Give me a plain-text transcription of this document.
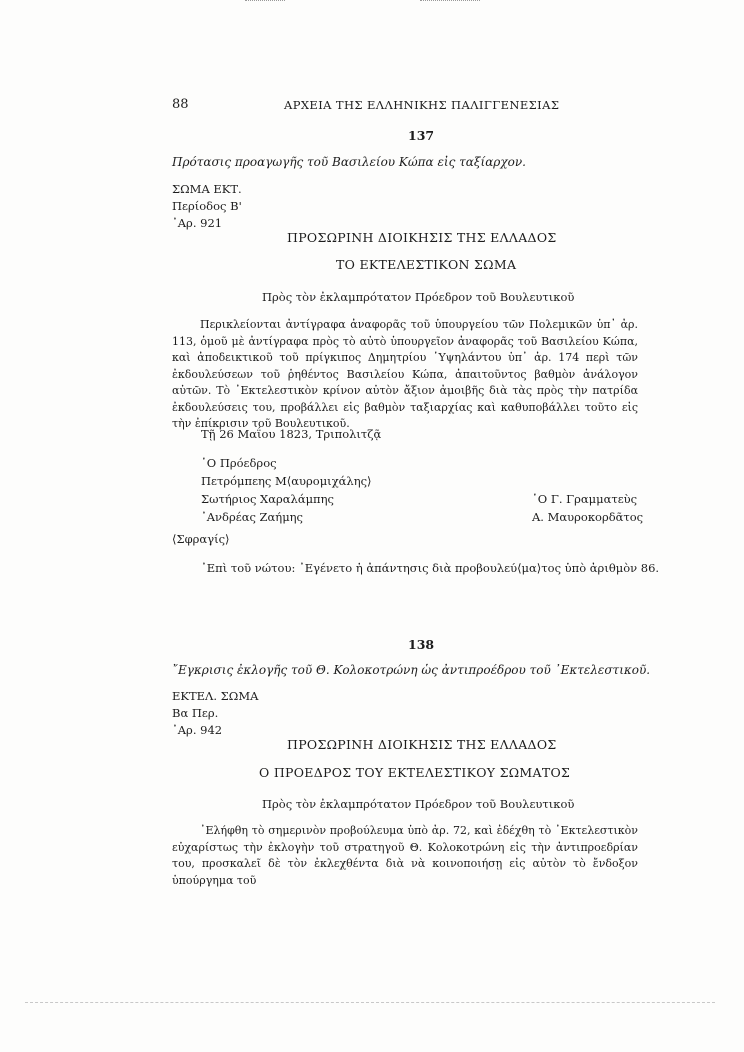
88	ΑΡΧΕΙΑ ΤΗΣ ΕΛΛΗΝΙΚΗΣ ΠΑΛΙΓΓΕΝΕΣΙΑΣ
137
Πρότασις προαγωγῆς τοῦ Βασιλείου Κώπα εἰς ταξίαρχον.
ΣΩΜΑ ΕΚΤ.
Περίοδος Β'
᾽Αρ. 921
ΠΡΟΣΩΡΙΝΗ ΔΙΟΙΚΗΣΙΣ ΤΗΣ ΕΛΛΑΔΟΣ
ΤΟ ΕΚΤΕΛΕΣΤΙΚΟΝ ΣΩΜΑ
Πρὸς τὸν ἐκλαμπρότατον Πρόεδρον τοῦ Βουλευτικοῦ

Περικλείονται ἀντίγραφα ἀναφορᾶς τοῦ ὑπουργείου τῶν Πολεμικῶν ὑπ᾽ ἀρ. 113, ὁμοῦ μὲ ἀντίγραφα πρὸς τὸ αὐτὸ ὑπουργεῖον ἀναφορᾶς τοῦ Βασιλείου Κώπα, καὶ ἀποδεικτικοῦ τοῦ πρίγκιπος Δημητρίου ῾Υψηλάντου ὑπ᾽ ἀρ. 174 περὶ τῶν ἐκδουλεύσεων τοῦ ῥηθέντος Βασιλείου Κώπα, ἀπαιτοῦντος βαθμὸν ἀνάλογον αὐτῶν. Τὸ ᾽Εκτελεστικὸν κρίνον αὐτὸν ἄξιον ἀμοιβῆς διὰ τὰς πρὸς τὴν πατρίδα ἐκδουλεύσεις του, προβάλλει εἰς βαθμὸν ταξιαρχίας καὶ καθυποβάλλει τοῦτο εἰς τὴν ἐπίκρισιν τοῦ Βουλευτικοῦ.

Τῇ 26 Μαΐου 1823, Τριπολιτζᾷ
῾Ο Πρόεδρος
Πετρόμπεης Μ⟨αυρομιχάλης⟩
Σωτήριος Χαραλάμπης
᾽Ανδρέας Ζαήμης
῾Ο Γ. Γραμματεὺς
Α. Μαυροκορδᾶτος
⟨Σφραγίς⟩
᾽Επὶ τοῦ νώτου: ᾽Εγένετο ἡ ἀπάντησις διὰ προβουλεύ⟨μα⟩τος ὑπὸ ἀριθμὸν 86.
138
῎Εγκρισις ἐκλογῆς τοῦ Θ. Κολοκοτρώνη ὡς ἀντιπροέδρου τοῦ ᾽Εκτελεστικοῦ.
ΕΚΤΕΛ. ΣΩΜΑ
Βα Περ.
᾽Αρ. 942
ΠΡΟΣΩΡΙΝΗ ΔΙΟΙΚΗΣΙΣ ΤΗΣ ΕΛΛΑΔΟΣ
Ο ΠΡΟΕΔΡΟΣ ΤΟΥ ΕΚΤΕΛΕΣΤΙΚΟΥ ΣΩΜΑΤΟΣ
Πρὸς τὸν ἐκλαμπρότατον Πρόεδρον τοῦ Βουλευτικοῦ

᾽Ελήφθη τὸ σημερινὸν προβούλευμα ὑπὸ ἀρ. 72, καὶ ἐδέχθη τὸ ᾽Εκτελεστικὸν εὐχαρίστως τὴν ἐκλογὴν τοῦ στρατηγοῦ Θ. Κολοκοτρώνη εἰς τὴν ἀντιπροεδρίαν του, προσκαλεῖ δὲ τὸν ἐκλεχθέντα διὰ νὰ κοινοποιήσῃ εἰς αὐτὸν τὸ ἔνδοξον ὑπούργημα τοῦ
